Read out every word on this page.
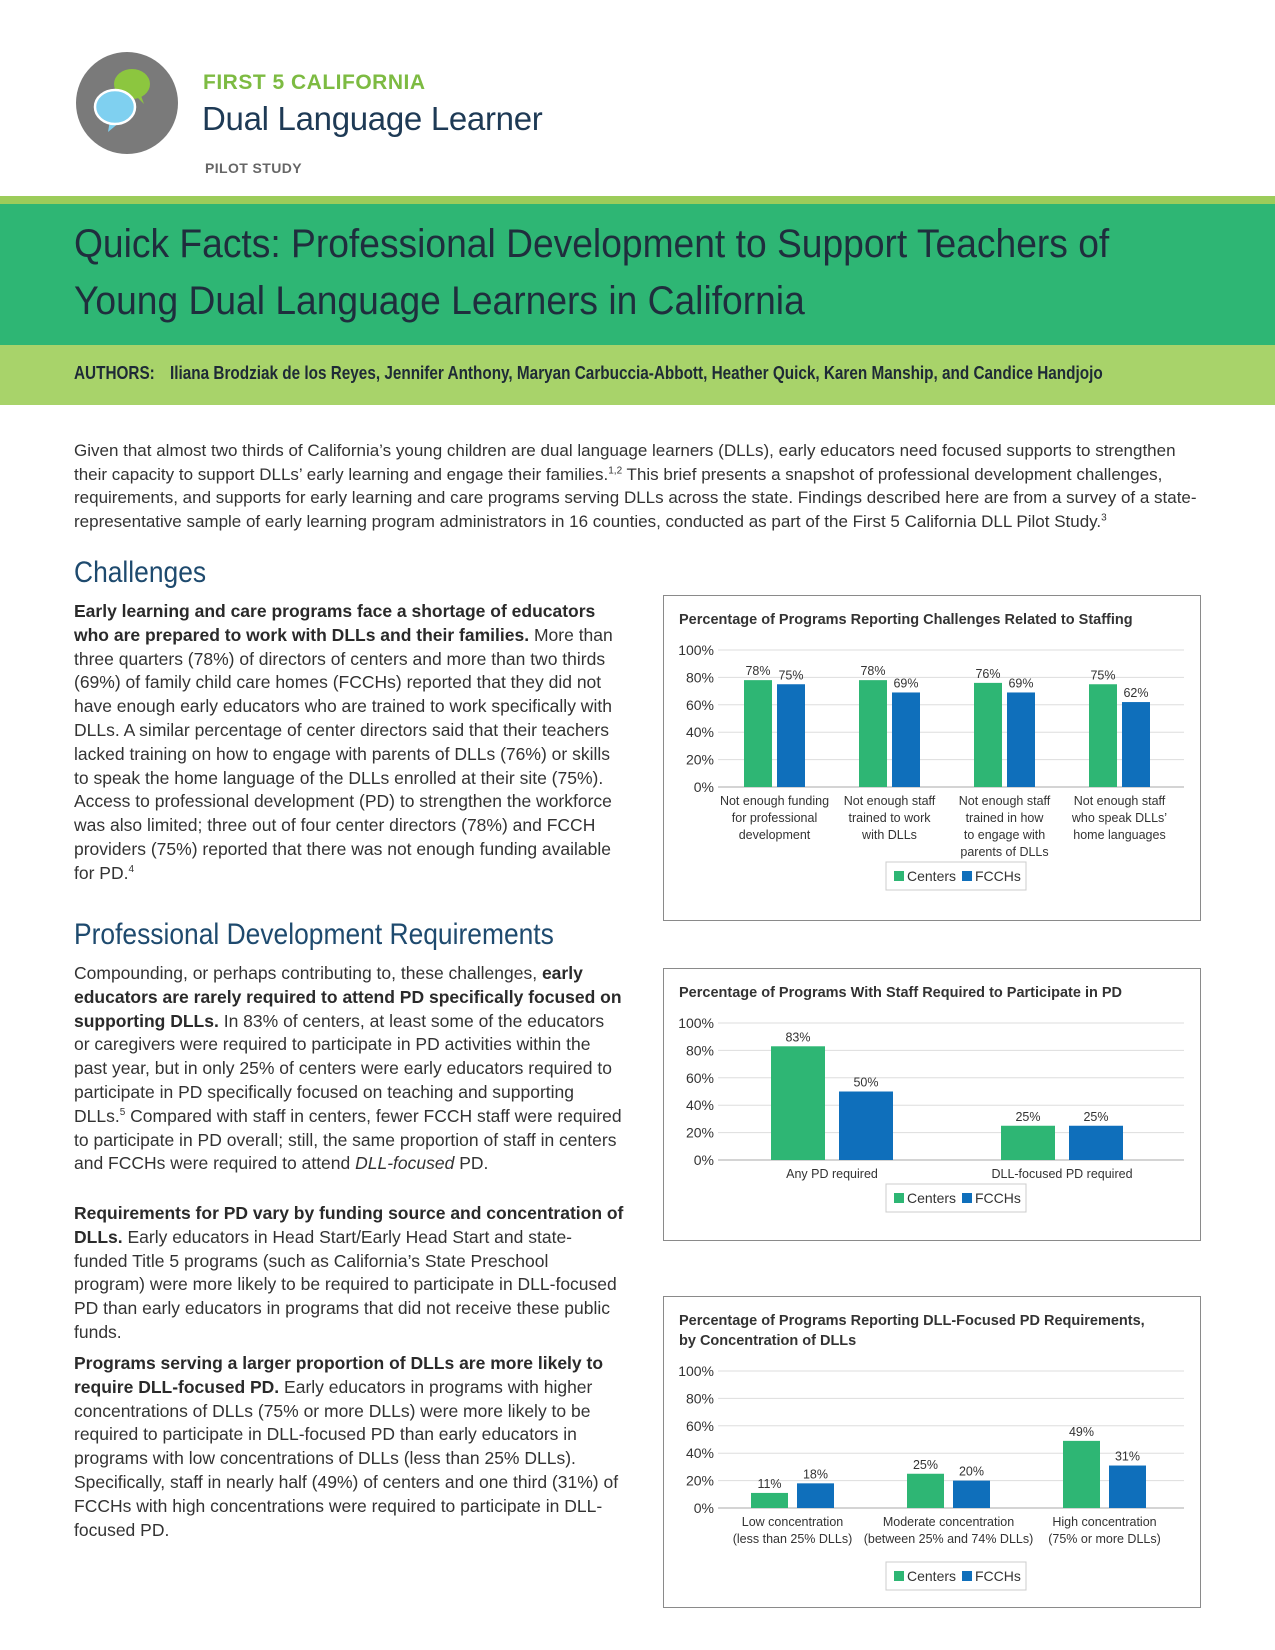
FIRST 5 CALIFORNIA
Dual Language Learner
PILOT STUDY
Quick Facts: Professional Development to Support Teachers of
Young Dual Language Learners in California
AUTHORS: Iliana Brodziak de los Reyes, Jennifer Anthony, Maryan Carbuccia-Abbott, Heather Quick, Karen Manship, and Candice Handjojo

Given that almost two thirds of California’s young children are dual language learners (DLLs), early educators need focused supports to strengthen their capacity to support DLLs’ early learning and engage their families.$^{1,2}$ This brief presents a snapshot of professional development challenges, requirements, and supports for early learning and care programs serving DLLs across the state. Findings described here are from a survey of a state-representative sample of early learning program administrators in 16 counties, conducted as part of the First 5 California DLL Pilot Study.$^3$

Challenges

Early learning and care programs face a shortage of educators who are prepared to work with DLLs and their families. More than three quarters (78%) of directors of centers and more than two thirds (69%) of family child care homes (FCCHs) reported that they did not have enough early educators who are trained to work specifically with DLLs. A similar percentage of center directors said that their teachers lacked training on how to engage with parents of DLLs (76%) or skills to speak the home language of the DLLs enrolled at their site (75%). Access to professional development (PD) to strengthen the workforce was also limited; three out of four center directors (78%) and FCCH providers (75%) reported that there was not enough funding available for PD.$^4$

Professional Development Requirements

Compounding, or perhaps contributing to, these challenges, early educators are rarely required to attend PD specifically focused on supporting DLLs. In 83% of centers, at least some of the educators or caregivers were required to participate in PD activities within the past year, but in only 25% of centers were early educators required to participate in PD specifically focused on teaching and supporting DLLs.$^5$ Compared with staff in centers, fewer FCCH staff were required to participate in PD overall; still, the same proportion of staff in centers and FCCHs were required to attend DLL-focused PD.

Requirements for PD vary by funding source and concentration of DLLs. Early educators in Head Start/Early Head Start and state-funded Title 5 programs (such as California’s State Preschool program) were more likely to be required to participate in DLL-focused PD than early educators in programs that did not receive these public funds.

Programs serving a larger proportion of DLLs are more likely to require DLL-focused PD. Early educators in programs with higher concentrations of DLLs (75% or more DLLs) were more likely to be required to participate in DLL-focused PD than early educators in programs with low concentrations of DLLs (less than 25% DLLs). Specifically, staff in nearly half (49%) of centers and one third (31%) of FCCHs with high concentrations were required to participate in DLL-focused PD.

Percentage of Programs Reporting Challenges Related to Staffing
0%
20%
40%
60%
80%
100%
78% 75%
Not enough funding
for professional
development
78%
69%
Not enough staff
trained to work
with DLLs
76%
69%
Not enough staff
trained in how
to engage with
parents of DLLs
75%
62%
Not enough staff
who speak DLLs’
home languages
Centers FCCHs
Percentage of Programs With Staff Required to Participate in PD
0%
20%
40%
60%
80%
100%
83%
50%
Any PD required
25%	25%
DLL-focused PD required
Centers FCCHs
Percentage of Programs Reporting DLL-Focused PD Requirements,
by Concentration of DLLs
0%
20%
40%
60%
80%
100%
11%
18%
Low concentration
(less than 25% DLLs)
25% 20%
Moderate concentration
(between 25% and 74% DLLs)
49%
31%
High concentration
(75% or more DLLs)
Centers FCCHs
